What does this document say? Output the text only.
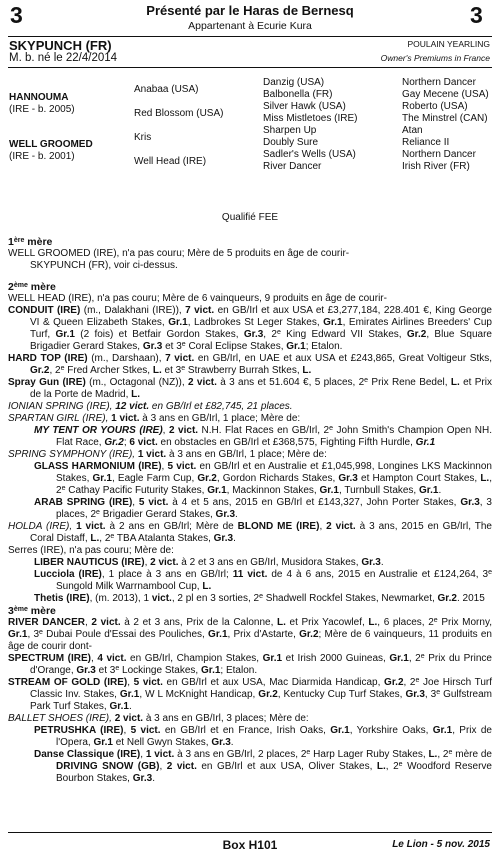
3	3
Présenté par le Haras de Bernesq
Appartenant à Ecurie Kura
SKYPUNCH (FR)
M. b. né le 22/4/2014
POULAIN YEARLING
Owner's Premiums in France
HANNOUMA
(IRE - b. 2005)
WELL GROOMED
(IRE - b. 2001)
Anabaa (USA)
Red Blossom (USA)
Kris
Well Head (IRE)
Danzig (USA)
Balbonella (FR)
Silver Hawk (USA)
Miss Mistletoes (IRE)
Sharpen Up
Doubly Sure
Sadler's Wells (USA)
River Dancer
Northern Dancer
Gay Mecene (USA)
Roberto (USA)
The Minstrel (CAN)
Atan
Reliance II
Northern Dancer
Irish River (FR)
Qualifié FEE
1ère mère
WELL GROOMED (IRE), n'a pas couru; Mère de 5 produits en âge de courir-
SKYPUNCH (FR), voir ci-dessus.
2ème mère
WELL HEAD (IRE), n'a pas couru; Mère de 6 vainqueurs, 9 produits en âge de courir-
CONDUIT (IRE) (m., Dalakhani (IRE)), 7 vict. en GB/Irl et aux USA et £3,277,184, 228.401 €, King George VI & Queen Elizabeth Stakes, Gr.1, Ladbrokes St Leger Stakes, Gr.1, Emirates Airlines Breeders' Cup Turf, Gr.1 (2 fois) et Betfair Gordon Stakes, Gr.3, 2e King Edward VII Stakes, Gr.2, Blue Square Brigadier Gerard Stakes, Gr.3 et 3e Coral Eclipse Stakes, Gr.1; Etalon.
HARD TOP (IRE) (m., Darshaan), 7 vict. en GB/Irl, en UAE et aux USA et £243,865, Great Voltigeur Stks, Gr.2, 2e Fred Archer Stkes, L. et 3e Strawberry Burrah Stkes, L.
Spray Gun (IRE) (m., Octagonal (NZ)), 2 vict. à 3 ans et 51.604 €, 5 places, 2e Prix Rene Bedel, L. et Prix de la Porte de Madrid, L.
IONIAN SPRING (IRE), 12 vict. en GB/Irl et £82,745, 21 places.
SPARTAN GIRL (IRE), 1 vict. à 3 ans en GB/Irl, 1 place; Mère de:
MY TENT OR YOURS (IRE), 2 vict. N.H. Flat Races en GB/Irl, 2e John Smith's Champion Open NH. Flat Race, Gr.2; 6 vict. en obstacles en GB/Irl et £368,575, Fighting Fifth Hurdle, Gr.1
SPRING SYMPHONY (IRE), 1 vict. à 3 ans en GB/Irl, 1 place; Mère de:
GLASS HARMONIUM (IRE), 5 vict. en GB/Irl et en Australie et £1,045,998, Longines LKS Mackinnon Stakes, Gr.1, Eagle Farm Cup, Gr.2, Gordon Richards Stakes, Gr.3 et Hampton Court Stakes, L., 2e Cathay Pacific Futurity Stakes, Gr.1, Mackinnon Stakes, Gr.1, Turnbull Stakes, Gr.1.
ARAB SPRING (IRE), 5 vict. à 4 et 5 ans, 2015 en GB/Irl et £143,327, John Porter Stakes, Gr.3, 3 places, 2e Brigadier Gerard Stakes, Gr.3.
HOLDA (IRE), 1 vict. à 2 ans en GB/Irl; Mère de BLOND ME (IRE), 2 vict. à 3 ans, 2015 en GB/Irl, The Coral Distaff, L., 2e TBA Atalanta Stakes, Gr.3.
Serres (IRE), n'a pas couru; Mère de:
LIBER NAUTICUS (IRE), 2 vict. à 2 et 3 ans en GB/Irl, Musidora Stakes, Gr.3.
Lucciola (IRE), 1 place à 3 ans en GB/Irl; 11 vict. de 4 à 6 ans, 2015 en Australie et £124,264, 3e Sungold Milk Warrnambool Cup, L.
Thetis (IRE), (m. 2013), 1 vict., 2 pl en 3 sorties, 2e Shadwell Rockfel Stakes, Newmarket, Gr.2. 2015
3ème mère
RIVER DANCER, 2 vict. à 2 et 3 ans, Prix de la Calonne, L. et Prix Yacowlef, L., 6 places, 2e Prix Morny, Gr.1, 3e Dubai Poule d'Essai des Pouliches, Gr.1, Prix d'Astarte, Gr.2; Mère de 6 vainqueurs, 11 produits en âge de courir dont-
SPECTRUM (IRE), 4 vict. en GB/Irl, Champion Stakes, Gr.1 et Irish 2000 Guineas, Gr.1, 2e Prix du Prince d'Orange, Gr.3 et 3e Lockinge Stakes, Gr.1; Etalon.
STREAM OF GOLD (IRE), 5 vict. en GB/Irl et aux USA, Mac Diarmida Handicap, Gr.2, 2e Joe Hirsch Turf Classic Inv. Stakes, Gr.1, W L McKnight Handicap, Gr.2, Kentucky Cup Turf Stakes, Gr.3, 3e Gulfstream Park Turf Stakes, Gr.1.
BALLET SHOES (IRE), 2 vict. à 3 ans en GB/Irl, 3 places; Mère de:
PETRUSHKA (IRE), 5 vict. en GB/Irl et en France, Irish Oaks, Gr.1, Yorkshire Oaks, Gr.1, Prix de l'Opera, Gr.1 et Nell Gwyn Stakes, Gr.3.
Danse Classique (IRE), 1 vict. à 3 ans en GB/Irl, 2 places, 2e Harp Lager Ruby Stakes, L., 2e mère de DRIVING SNOW (GB), 2 vict. en GB/Irl et aux USA, Oliver Stakes, L., 2e Woodford Reserve Bourbon Stakes, Gr.3.
Box H101	Le Lion - 5 nov. 2015
